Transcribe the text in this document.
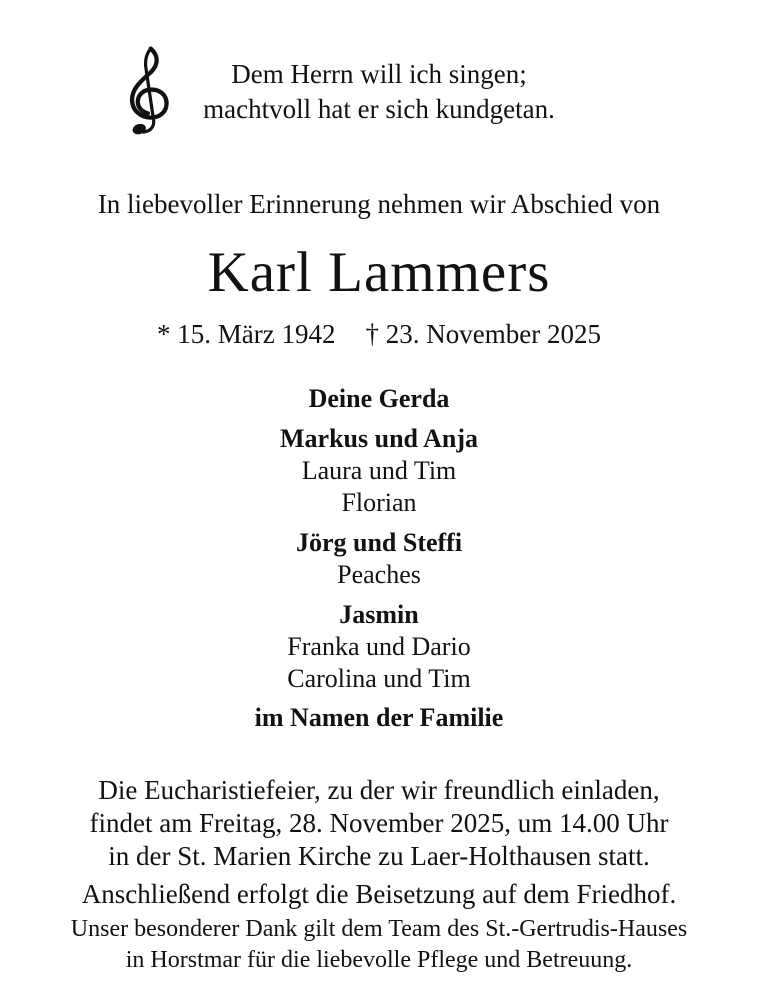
Dem Herrn will ich singen;
machtvoll hat er sich kundgetan.
In liebevoller Erinnerung nehmen wir Abschied von
Karl Lammers
* 15. März 1942 † 23. November 2025
Deine Gerda
Markus und Anja
Laura und Tim
Florian
Jörg und Steffi
Peaches
Jasmin
Franka und Dario
Carolina und Tim
im Namen der Familie
Die Eucharistiefeier, zu der wir freundlich einladen,
findet am Freitag, 28. November 2025, um 14.00 Uhr
in der St. Marien Kirche zu Laer-Holthausen statt.
Anschließend erfolgt die Beisetzung auf dem Friedhof.
Unser besonderer Dank gilt dem Team des St.-Gertrudis-Hauses
in Horstmar für die liebevolle Pflege und Betreuung.
